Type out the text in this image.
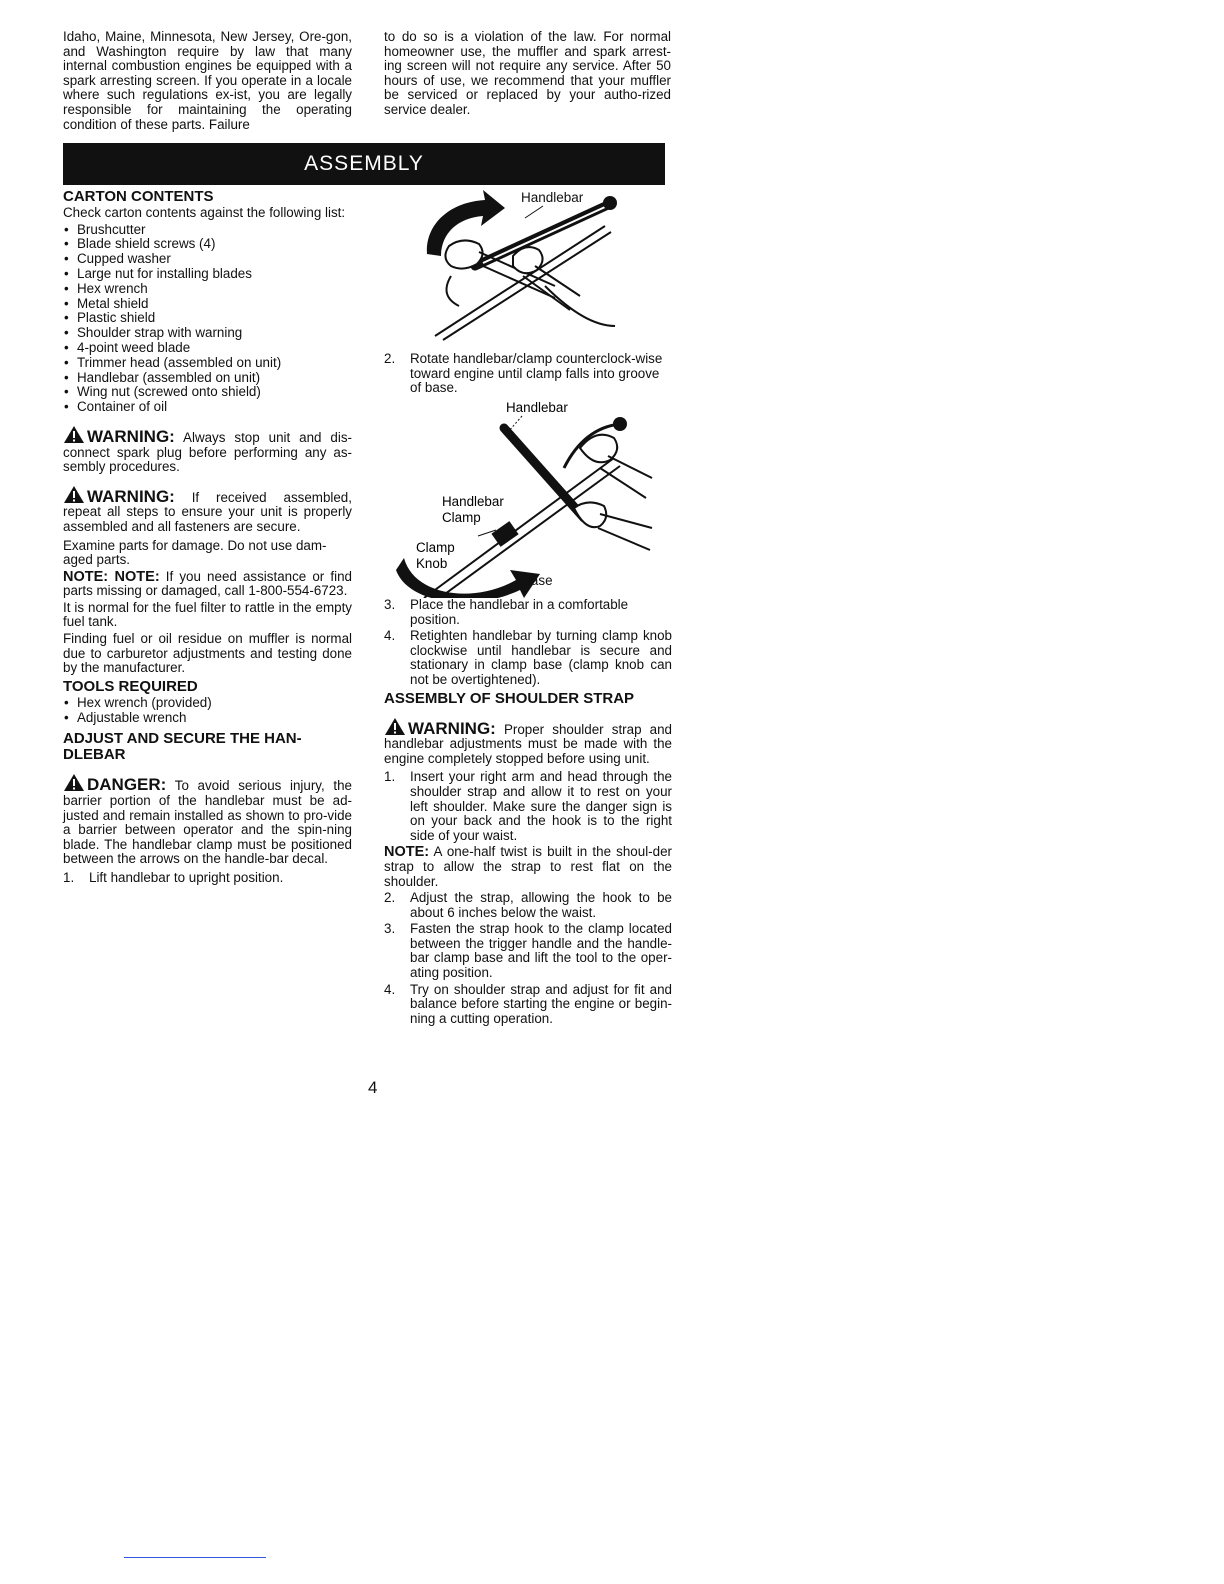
Idaho, Maine, Minnesota, New Jersey, Ore-gon, and Washington require by law that many internal combustion engines be equipped with a spark arresting screen. If you operate in a locale where such regulations ex-ist, you are legally responsible for maintaining the operating condition of these parts. Failure

to do so is a violation of the law. For normal homeowner use, the muffler and spark arrest-ing screen will not require any service. After 50 hours of use, we recommend that your muffler be serviced or replaced by your autho-rized service dealer.

ASSEMBLY
CARTON CONTENTS

Check carton contents against the following list:

• Brushcutter
• Blade shield screws (4)
• Cupped washer
• Large nut for installing blades
• Hex wrench
• Metal shield
• Plastic shield
• Shoulder strap with warning
• 4-point weed blade
• Trimmer head (assembled on unit)
• Handlebar (assembled on unit)
• Wing nut (screwed onto shield)
• Container of oil
WARNING: Always stop unit and dis-connect spark plug before performing any as-sembly procedures.
WARNING: If received assembled, repeat all steps to ensure your unit is properly assembled and all fasteners are secure.

Examine parts for damage. Do not use dam-aged parts.

NOTE: NOTE: If you need assistance or find parts missing or damaged, call 1-800-554-6723.

It is normal for the fuel filter to rattle in the empty fuel tank.

Finding fuel or oil residue on muffler is normal due to carburetor adjustments and testing done by the manufacturer.

TOOLS REQUIRED
• Hex wrench (provided)
• Adjustable wrench
ADJUST AND SECURE THE HAN-DLEBAR
DANGER: To avoid serious injury, the barrier portion of the handlebar must be ad-justed and remain installed as shown to pro-vide a barrier between operator and the spin-ning blade. The handlebar clamp must be positioned between the arrows on the handle-bar decal.
1. Lift handlebar to upright position.
Handlebar
2. Rotate handlebar/clamp counterclock-wise toward engine until clamp falls into groove of base.
Handlebar
Handlebar
Clamp
Clamp
Knob
Base
3. Place the handlebar in a comfortable position.
4. Retighten handlebar by turning clamp knob clockwise until handlebar is secure and stationary in clamp base (clamp knob can not be overtightened).
ASSEMBLY OF SHOULDER STRAP
WARNING: Proper shoulder strap and handlebar adjustments must be made with the engine completely stopped before using unit.
1. Insert your right arm and head through the shoulder strap and allow it to rest on your left shoulder. Make sure the danger sign is on your back and the hook is to the right side of your waist.

NOTE: A one-half twist is built in the shoul-der strap to allow the strap to rest flat on the shoulder.

2. Adjust the strap, allowing the hook to be about 6 inches below the waist.
3. Fasten the strap hook to the clamp located between the trigger handle and the handle-bar clamp base and lift the tool to the oper-ating position.
4. Try on shoulder strap and adjust for fit and balance before starting the engine or begin-ning a cutting operation.
4
